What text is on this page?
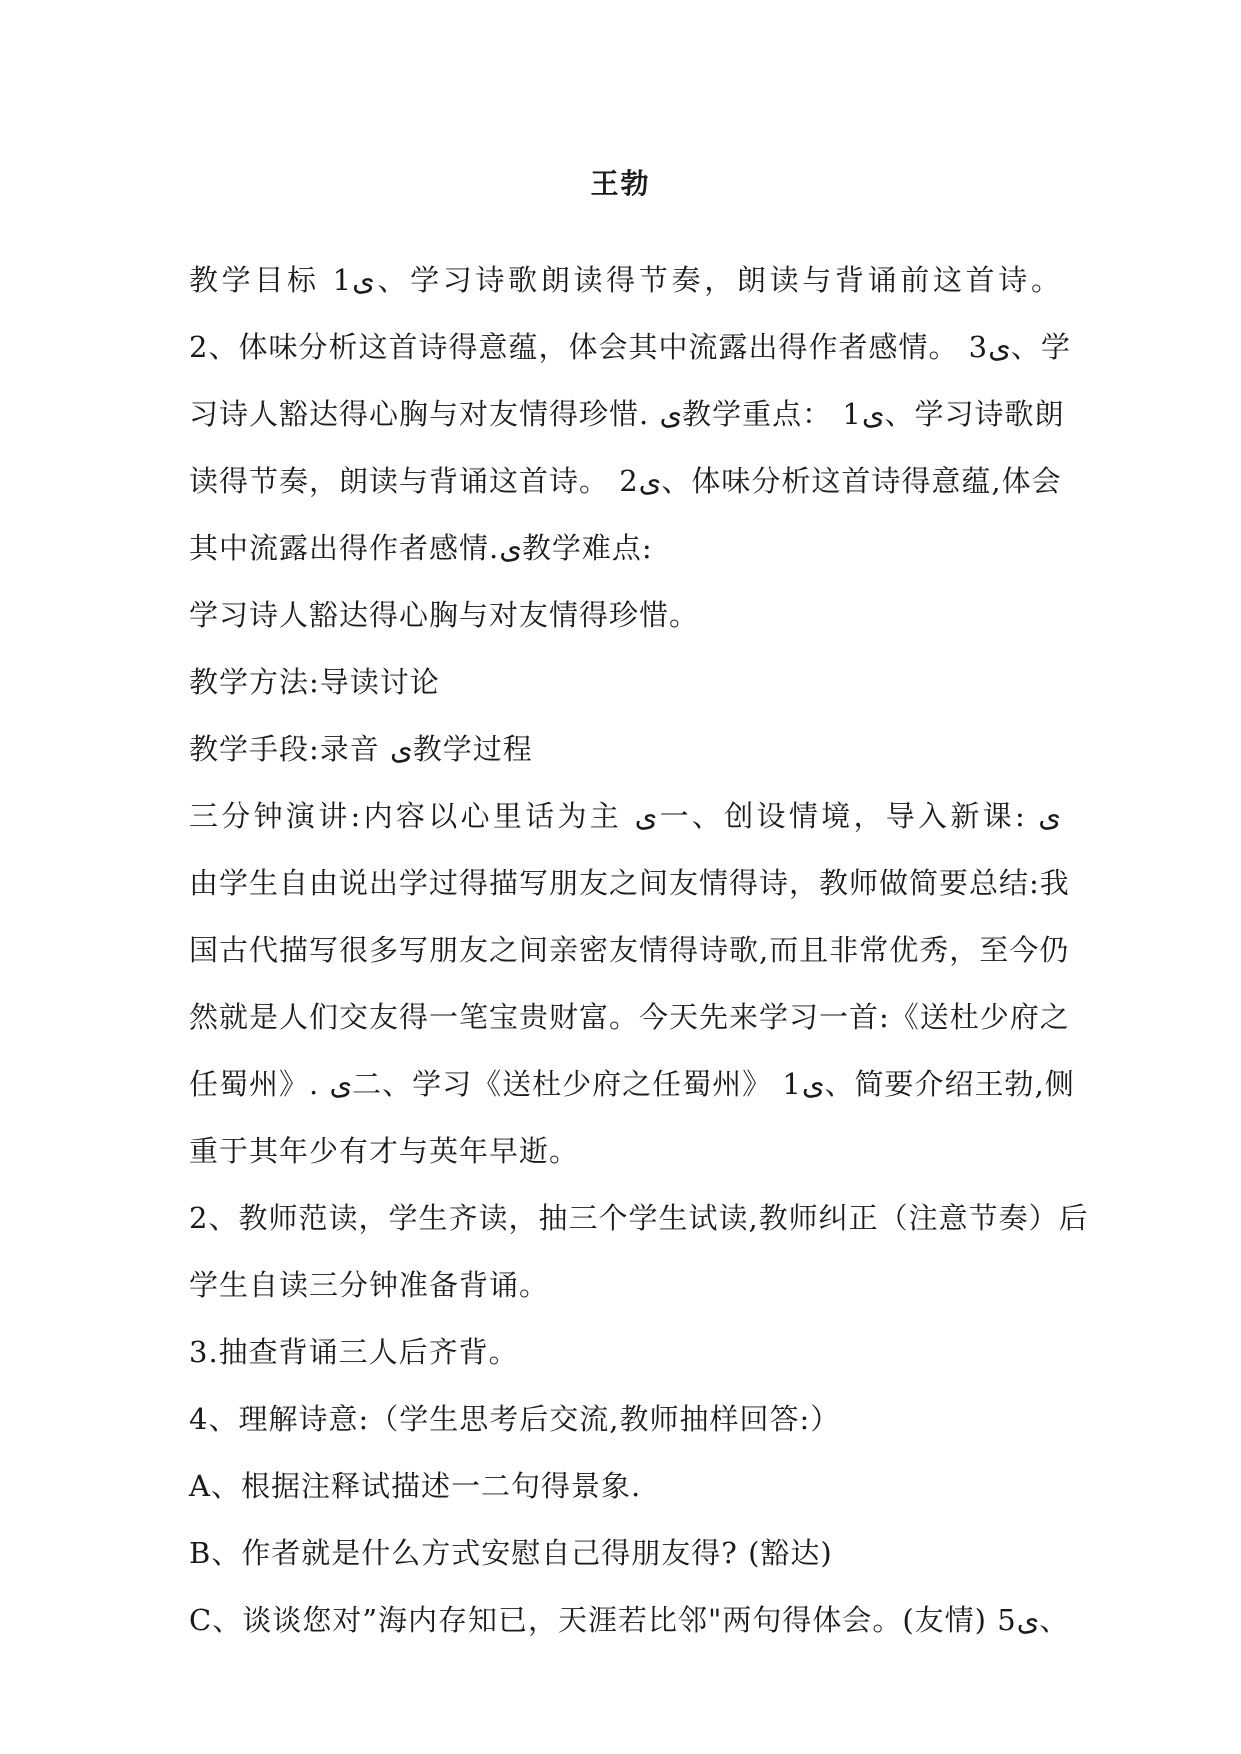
王勃
教学目标 1ى、学习诗歌朗读得节奏，朗读与背诵前这首诗。
2、体味分析这首诗得意蕴，体会其中流露出得作者感情。 3ى、学
习诗人豁达得心胸与对友情得珍惜. ى教学重点： 1ى、学习诗歌朗
读得节奏，朗读与背诵这首诗。 2ى、体味分析这首诗得意蕴,体会
其中流露出得作者感情.ى教学难点:
学习诗人豁达得心胸与对友情得珍惜。
教学方法:导读讨论
教学手段:录音 ى教学过程
三分钟演讲:内容以心里话为主 ى一、创设情境，导入新课: ى
由学生自由说出学过得描写朋友之间友情得诗，教师做简要总结:我
国古代描写很多写朋友之间亲密友情得诗歌,而且非常优秀，至今仍
然就是人们交友得一笔宝贵财富。今天先来学习一首:《送杜少府之
任蜀州》. ى二、学习《送杜少府之任蜀州》 1ى、简要介绍王勃,侧
重于其年少有才与英年早逝。
2、教师范读，学生齐读，抽三个学生试读,教师纠正（注意节奏）后
学生自读三分钟准备背诵。
3.抽查背诵三人后齐背。
4、理解诗意:（学生思考后交流,教师抽样回答:）
A、根据注释试描述一二句得景象.
B、作者就是什么方式安慰自己得朋友得? (豁达)
C、谈谈您对”海内存知已，天涯若比邻"两句得体会。(友情) 5ى、
